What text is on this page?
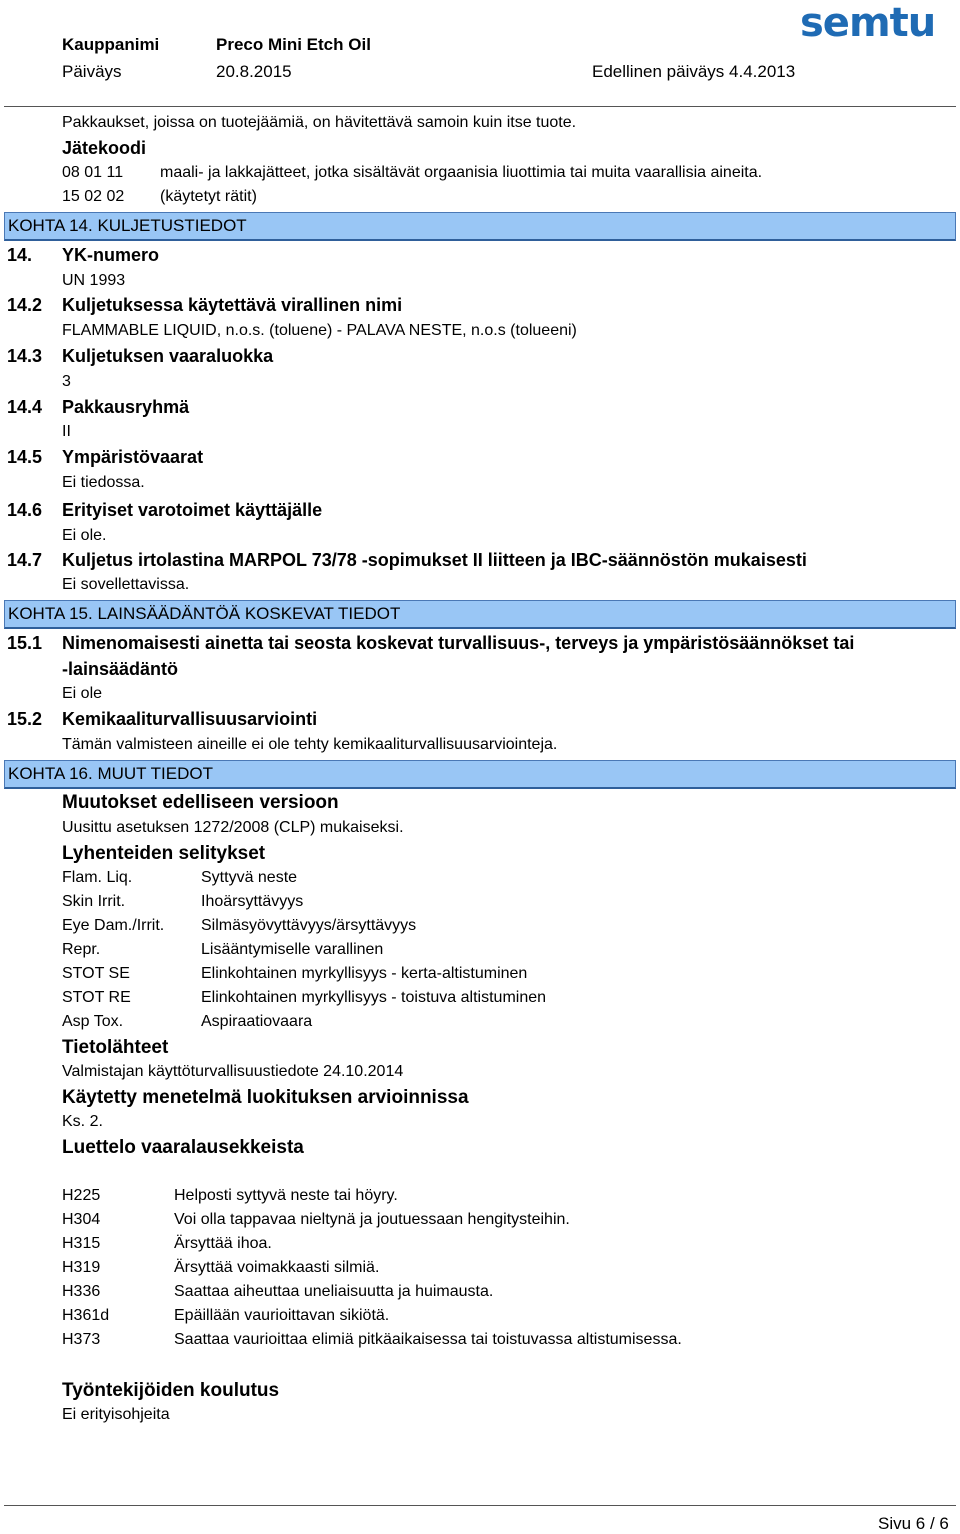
Kauppanimi	Preco Mini Etch Oil
Päiväys	20.8.2015	Edellinen päiväys 4.4.2013
semtu
Pakkaukset, joissa on tuotejäämiä, on hävitettävä samoin kuin itse tuote.
Jätekoodi
08 01 11 maali- ja lakkajätteet, jotka sisältävät orgaanisia liuottimia tai muita vaarallisia aineita.
15 02 02 (käytetyt rätit)
KOHTA 14. KULJETUSTIEDOT
14. YK-numero
UN 1993
14.2 Kuljetuksessa käytettävä virallinen nimi
FLAMMABLE LIQUID, n.o.s. (toluene) - PALAVA NESTE, n.o.s (tolueeni)
14.3 Kuljetuksen vaaraluokka
3
14.4 Pakkausryhmä
II
14.5 Ympäristövaarat
Ei tiedossa.
14.6 Erityiset varotoimet käyttäjälle
Ei ole.
14.7 Kuljetus irtolastina MARPOL 73/78 -sopimukset II liitteen ja IBC-säännöstön mukaisesti
Ei sovellettavissa.
KOHTA 15. LAINSÄÄDÄNTÖÄ KOSKEVAT TIEDOT
15.1 Nimenomaisesti ainetta tai seosta koskevat turvallisuus-, terveys ja ympäristösäännökset tai
-lainsäädäntö
Ei ole
15.2 Kemikaaliturvallisuusarviointi
Tämän valmisteen aineille ei ole tehty kemikaaliturvallisuusarviointeja.
KOHTA 16. MUUT TIEDOT
Muutokset edelliseen versioon
Uusittu asetuksen 1272/2008 (CLP) mukaiseksi.
Lyhenteiden selitykset
Flam. Liq.	Syttyvä neste
Skin Irrit.	Ihoärsyttävyys
Eye Dam./Irrit. Silmäsyövyttävyys/ärsyttävyys
Repr.	Lisääntymiselle varallinen
STOT SE	Elinkohtainen myrkyllisyys - kerta-altistuminen
STOT RE	Elinkohtainen myrkyllisyys - toistuva altistuminen
Asp Tox.	Aspiraatiovaara
Tietolähteet
Valmistajan käyttöturvallisuustiedote 24.10.2014
Käytetty menetelmä luokituksen arvioinnissa
Ks. 2.
Luettelo vaaralausekkeista
H225	Helposti syttyvä neste tai höyry.
H304	Voi olla tappavaa nieltynä ja joutuessaan hengitysteihin.
H315	Ärsyttää ihoa.
H319	Ärsyttää voimakkaasti silmiä.
H336	Saattaa aiheuttaa uneliaisuutta ja huimausta.
H361d	Epäillään vaurioittavan sikiötä.
H373	Saattaa vaurioittaa elimiä pitkäaikaisessa tai toistuvassa altistumisessa.
Työntekijöiden koulutus
Ei erityisohjeita
Sivu 6 / 6
